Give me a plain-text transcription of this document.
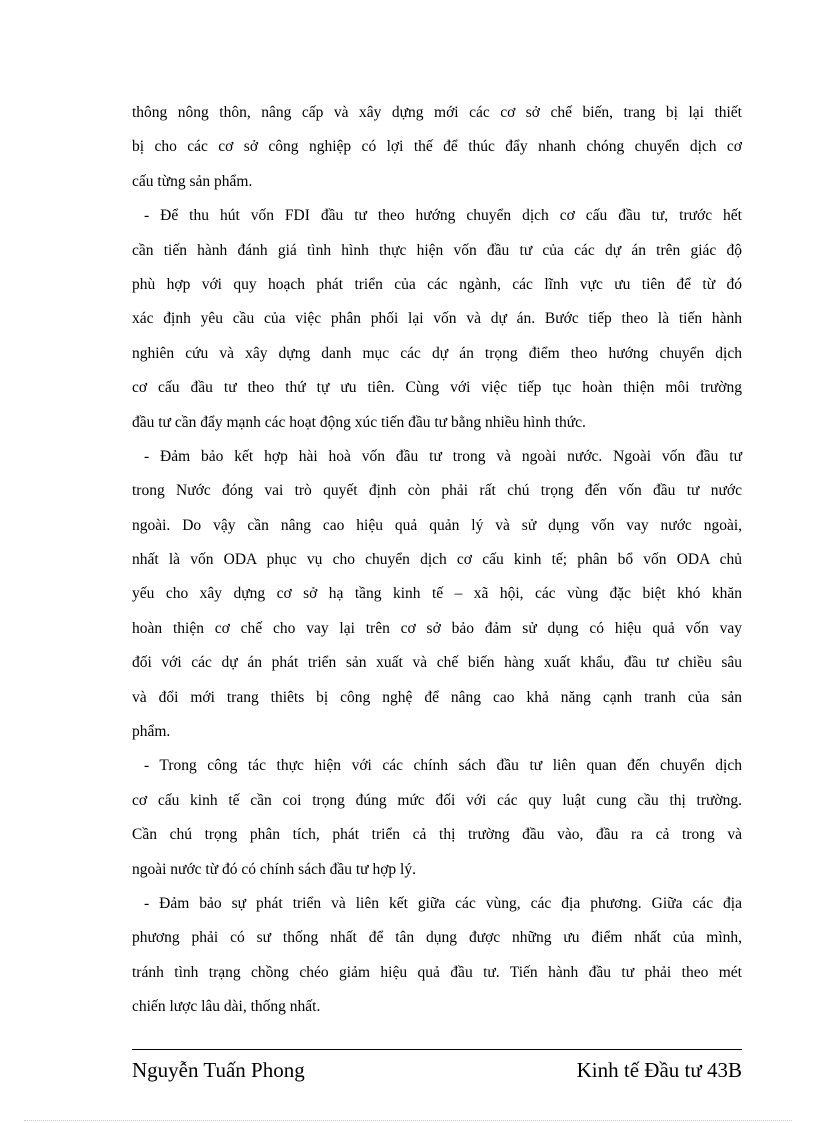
thông nông thôn, nâng cấp và xây dựng mới các cơ sở chế biến, trang bị lại thiết
bị cho các cơ sở công nghiệp có lợi thế để thúc đẩy nhanh chóng chuyển dịch cơ
cấu từng sản phẩm.
- Để thu hút vốn FDI đầu tư theo hướng chuyển dịch cơ cấu đầu tư, trước hết
cần tiến hành đánh giá tình hình thực hiện vốn đầu tư của các dự án trên giác độ
phù hợp với quy hoạch phát triển của các ngành, các lĩnh vực ưu tiên để từ đó
xác định yêu cầu của việc phân phối lại vốn và dự án. Bước tiếp theo là tiến hành
nghiên cứu và xây dựng danh mục các dự án trọng điểm theo hướng chuyển dịch
cơ cấu đầu tư theo thứ tự ưu tiên. Cùng với việc tiếp tục hoàn thiện môi trường
đầu tư cần đẩy mạnh các hoạt động xúc tiến đầu tư bằng nhiều hình thức.
- Đảm bảo kết hợp hài hoà vốn đầu tư trong và ngoài nước. Ngoài vốn đầu tư
trong Nước đóng vai trò quyết định còn phải rất chú trọng đến vốn đầu tư nước
ngoài. Do vậy cần nâng cao hiệu quả quản lý và sử dụng vốn vay nước ngoài,
nhất là vốn ODA phục vụ cho chuyển dịch cơ cấu kinh tế; phân bổ vốn ODA chủ
yếu cho xây dựng cơ sở hạ tầng kinh tế – xã hội, các vùng đặc biệt khó khăn
hoàn thiện cơ chế cho vay lại trên cơ sở bảo đảm sử dụng có hiệu quả vốn vay
đối với các dự án phát triển sản xuất và chế biến hàng xuất khẩu, đầu tư chiều sâu
và đổi mới trang thiêts bị công nghệ để nâng cao khả năng cạnh tranh của sản
phẩm.
- Trong công tác thực hiện với các chính sách đầu tư liên quan đến chuyển dịch
cơ cấu kinh tế cần coi trọng đúng mức đối với các quy luật cung cầu thị trường.
Cần chú trọng phân tích, phát triển cả thị trường đầu vào, đầu ra cả trong và
ngoài nước từ đó có chính sách đầu tư hợp lý.
- Đảm bảo sự phát triển và liên kết giữa các vùng, các địa phương. Giữa các địa
phương phải có sư thống nhất để tân dụng được những ưu điểm nhất của mình,
tránh tình trạng chồng chéo giảm hiệu quả đầu tư. Tiến hành đầu tư phải theo mét
chiến lược lâu dài, thống nhất.
Nguyễn Tuấn Phong	Kinh tế Đầu tư 43B
